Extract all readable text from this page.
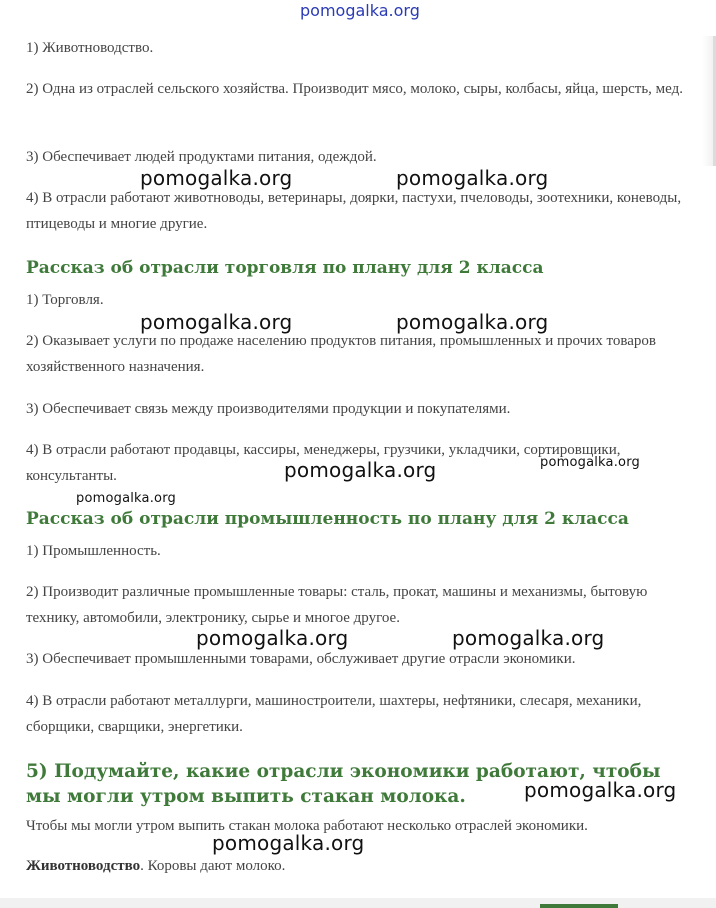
pomogalka.org

1) Животноводство.

2) Одна из отраслей сельского хозяйства. Производит мясо, молоко, сыры, колбасы, яйца, шерсть, мед.

3) Обеспечивает людей продуктами питания, одеждой.

4) В отрасли работают животноводы, ветеринары, доярки, пастухи, пчеловоды, зоотехники, коневоды, птицеводы и многие другие.

Рассказ об отрасли торговля по плану для 2 класса

1) Торговля.

2) Оказывает услуги по продаже населению продуктов питания, промышленных и прочих товаров хозяйственного назначения.

3) Обеспечивает связь между производителями продукции и покупателями.

4) В отрасли работают продавцы, кассиры, менеджеры, грузчики, укладчики, сортировщики, консультанты.

Рассказ об отрасли промышленность по плану для 2 класса

1) Промышленность.

2) Производит различные промышленные товары: сталь, прокат, машины и механизмы, бытовую технику, автомобили, электронику, сырье и многое другое.

3) Обеспечивает промышленными товарами, обслуживает другие отрасли экономики.

4) В отрасли работают металлурги, машиностроители, шахтеры, нефтяники, слесаря, механики, сборщики, сварщики, энергетики.

5) Подумайте, какие отрасли экономики работают, чтобы мы могли утром выпить стакан молока.

Чтобы мы могли утром выпить стакан молока работают несколько отраслей экономики.

Животноводство. Коровы дают молоко.

pomogalka.org	pomogalka.org
pomogalka.org	pomogalka.org
pomogalka.org	pomogalka.org
pomogalka.org
pomogalka.org	pomogalka.org
pomogalka.org
pomogalka.org
